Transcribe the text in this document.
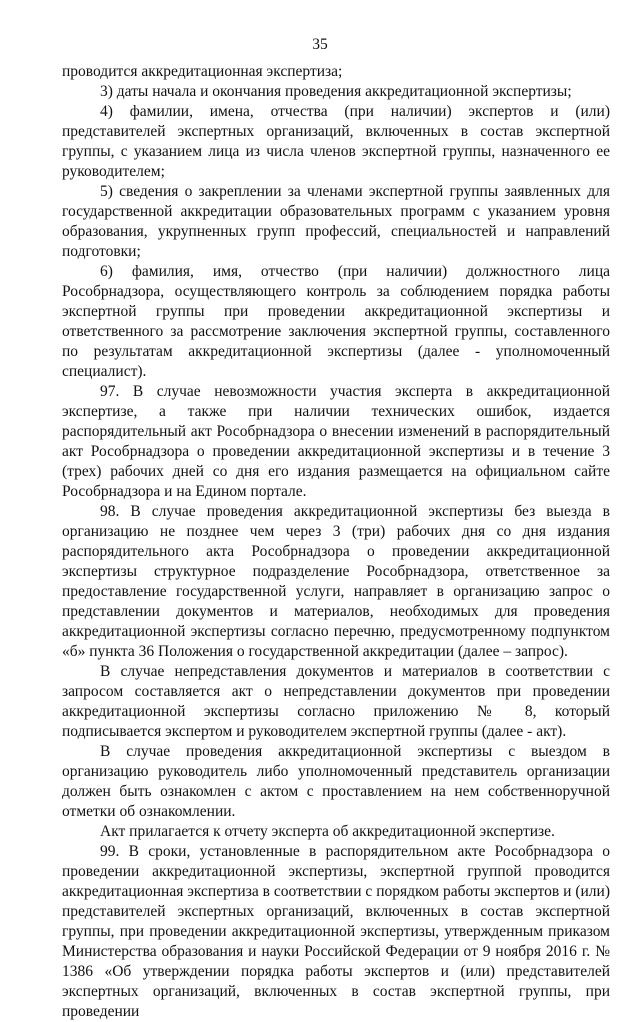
35

проводится аккредитационная экспертиза;

3) даты начала и окончания проведения аккредитационной экспертизы;

4) фамилии, имена, отчества (при наличии) экспертов и (или) представителей экспертных организаций, включенных в состав экспертной группы, с указанием лица из числа членов экспертной группы, назначенного ее руководителем;

5) сведения о закреплении за членами экспертной группы заявленных для государственной аккредитации образовательных программ с указанием уровня образования, укрупненных групп профессий, специальностей и направлений подготовки;

6) фамилия, имя, отчество (при наличии) должностного лица Рособрнадзора, осуществляющего контроль за соблюдением порядка работы экспертной группы при проведении аккредитационной экспертизы и ответственного за рассмотрение заключения экспертной группы, составленного по результатам аккредитационной экспертизы (далее - уполномоченный специалист).

97. В случае невозможности участия эксперта в аккредитационной экспертизе, а также при наличии технических ошибок, издается распорядительный акт Рособрнадзора о внесении изменений в распорядительный акт Рособрнадзора о проведении аккредитационной экспертизы и в течение 3 (трех) рабочих дней со дня его издания размещается на официальном сайте Рособрнадзора и на Едином портале.

98. В случае проведения аккредитационной экспертизы без выезда в организацию не позднее чем через 3 (три) рабочих дня со дня издания распорядительного акта Рособрнадзора о проведении аккредитационной экспертизы структурное подразделение Рособрнадзора, ответственное за предоставление государственной услуги, направляет в организацию запрос о представлении документов и материалов, необходимых для проведения аккредитационной экспертизы согласно перечню, предусмотренному подпунктом «б» пункта 36 Положения о государственной аккредитации (далее – запрос).

В случае непредставления документов и материалов в соответствии с запросом составляется акт о непредставлении документов при проведении аккредитационной экспертизы согласно приложению № 8, который подписывается экспертом и руководителем экспертной группы (далее - акт).

В случае проведения аккредитационной экспертизы с выездом в организацию руководитель либо уполномоченный представитель организации должен быть ознакомлен с актом с проставлением на нем собственноручной отметки об ознакомлении.

Акт прилагается к отчету эксперта об аккредитационной экспертизе.

99. В сроки, установленные в распорядительном акте Рособрнадзора о проведении аккредитационной экспертизы, экспертной группой проводится аккредитационная экспертиза в соответствии с порядком работы экспертов и (или) представителей экспертных организаций, включенных в состав экспертной группы, при проведении аккредитационной экспертизы, утвержденным приказом Министерства образования и науки Российской Федерации от 9 ноября 2016 г. № 1386 «Об утверждении порядка работы экспертов и (или) представителей экспертных организаций, включенных в состав экспертной группы, при проведении
